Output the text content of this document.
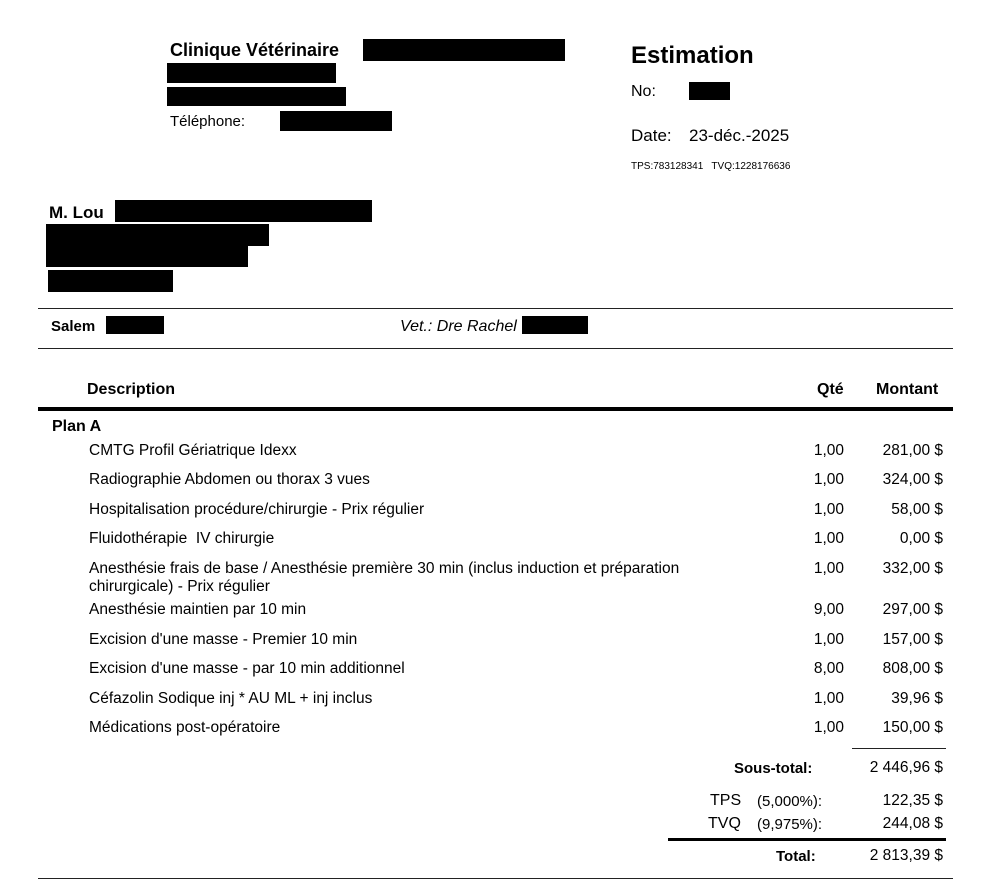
Clinique Vétérinaire
Téléphone:
Estimation
No:
Date: 23-déc.-2025
TPS:783128341   TVQ:1228176636
M. Lou
Salem	Vet.: Dre Rachel
Description	Qté Montant
Plan A
CMTG Profil Gériatrique Idexx	1,00	281,00 $
Radiographie Abdomen ou thorax 3 vues	1,00	324,00 $
Hospitalisation procédure/chirurgie - Prix régulier	1,00	58,00 $
Fluidothérapie  IV chirurgie	1,00	0,00 $
Anesthésie frais de base / Anesthésie première 30 min (inclus induction et préparation chirurgicale) - Prix régulier
1,00	332,00 $
Anesthésie maintien par 10 min	9,00	297,00 $
Excision d'une masse - Premier 10 min	1,00	157,00 $
Excision d'une masse - par 10 min additionnel	8,00	808,00 $
Céfazolin Sodique inj * AU ML + inj inclus	1,00	39,96 $
Médications post-opératoire	1,00	150,00 $
Sous-total:	2 446,96 $
TPS (5,000%):	122,35 $
TVQ (9,975%):	244,08 $
Total:	2 813,39 $
